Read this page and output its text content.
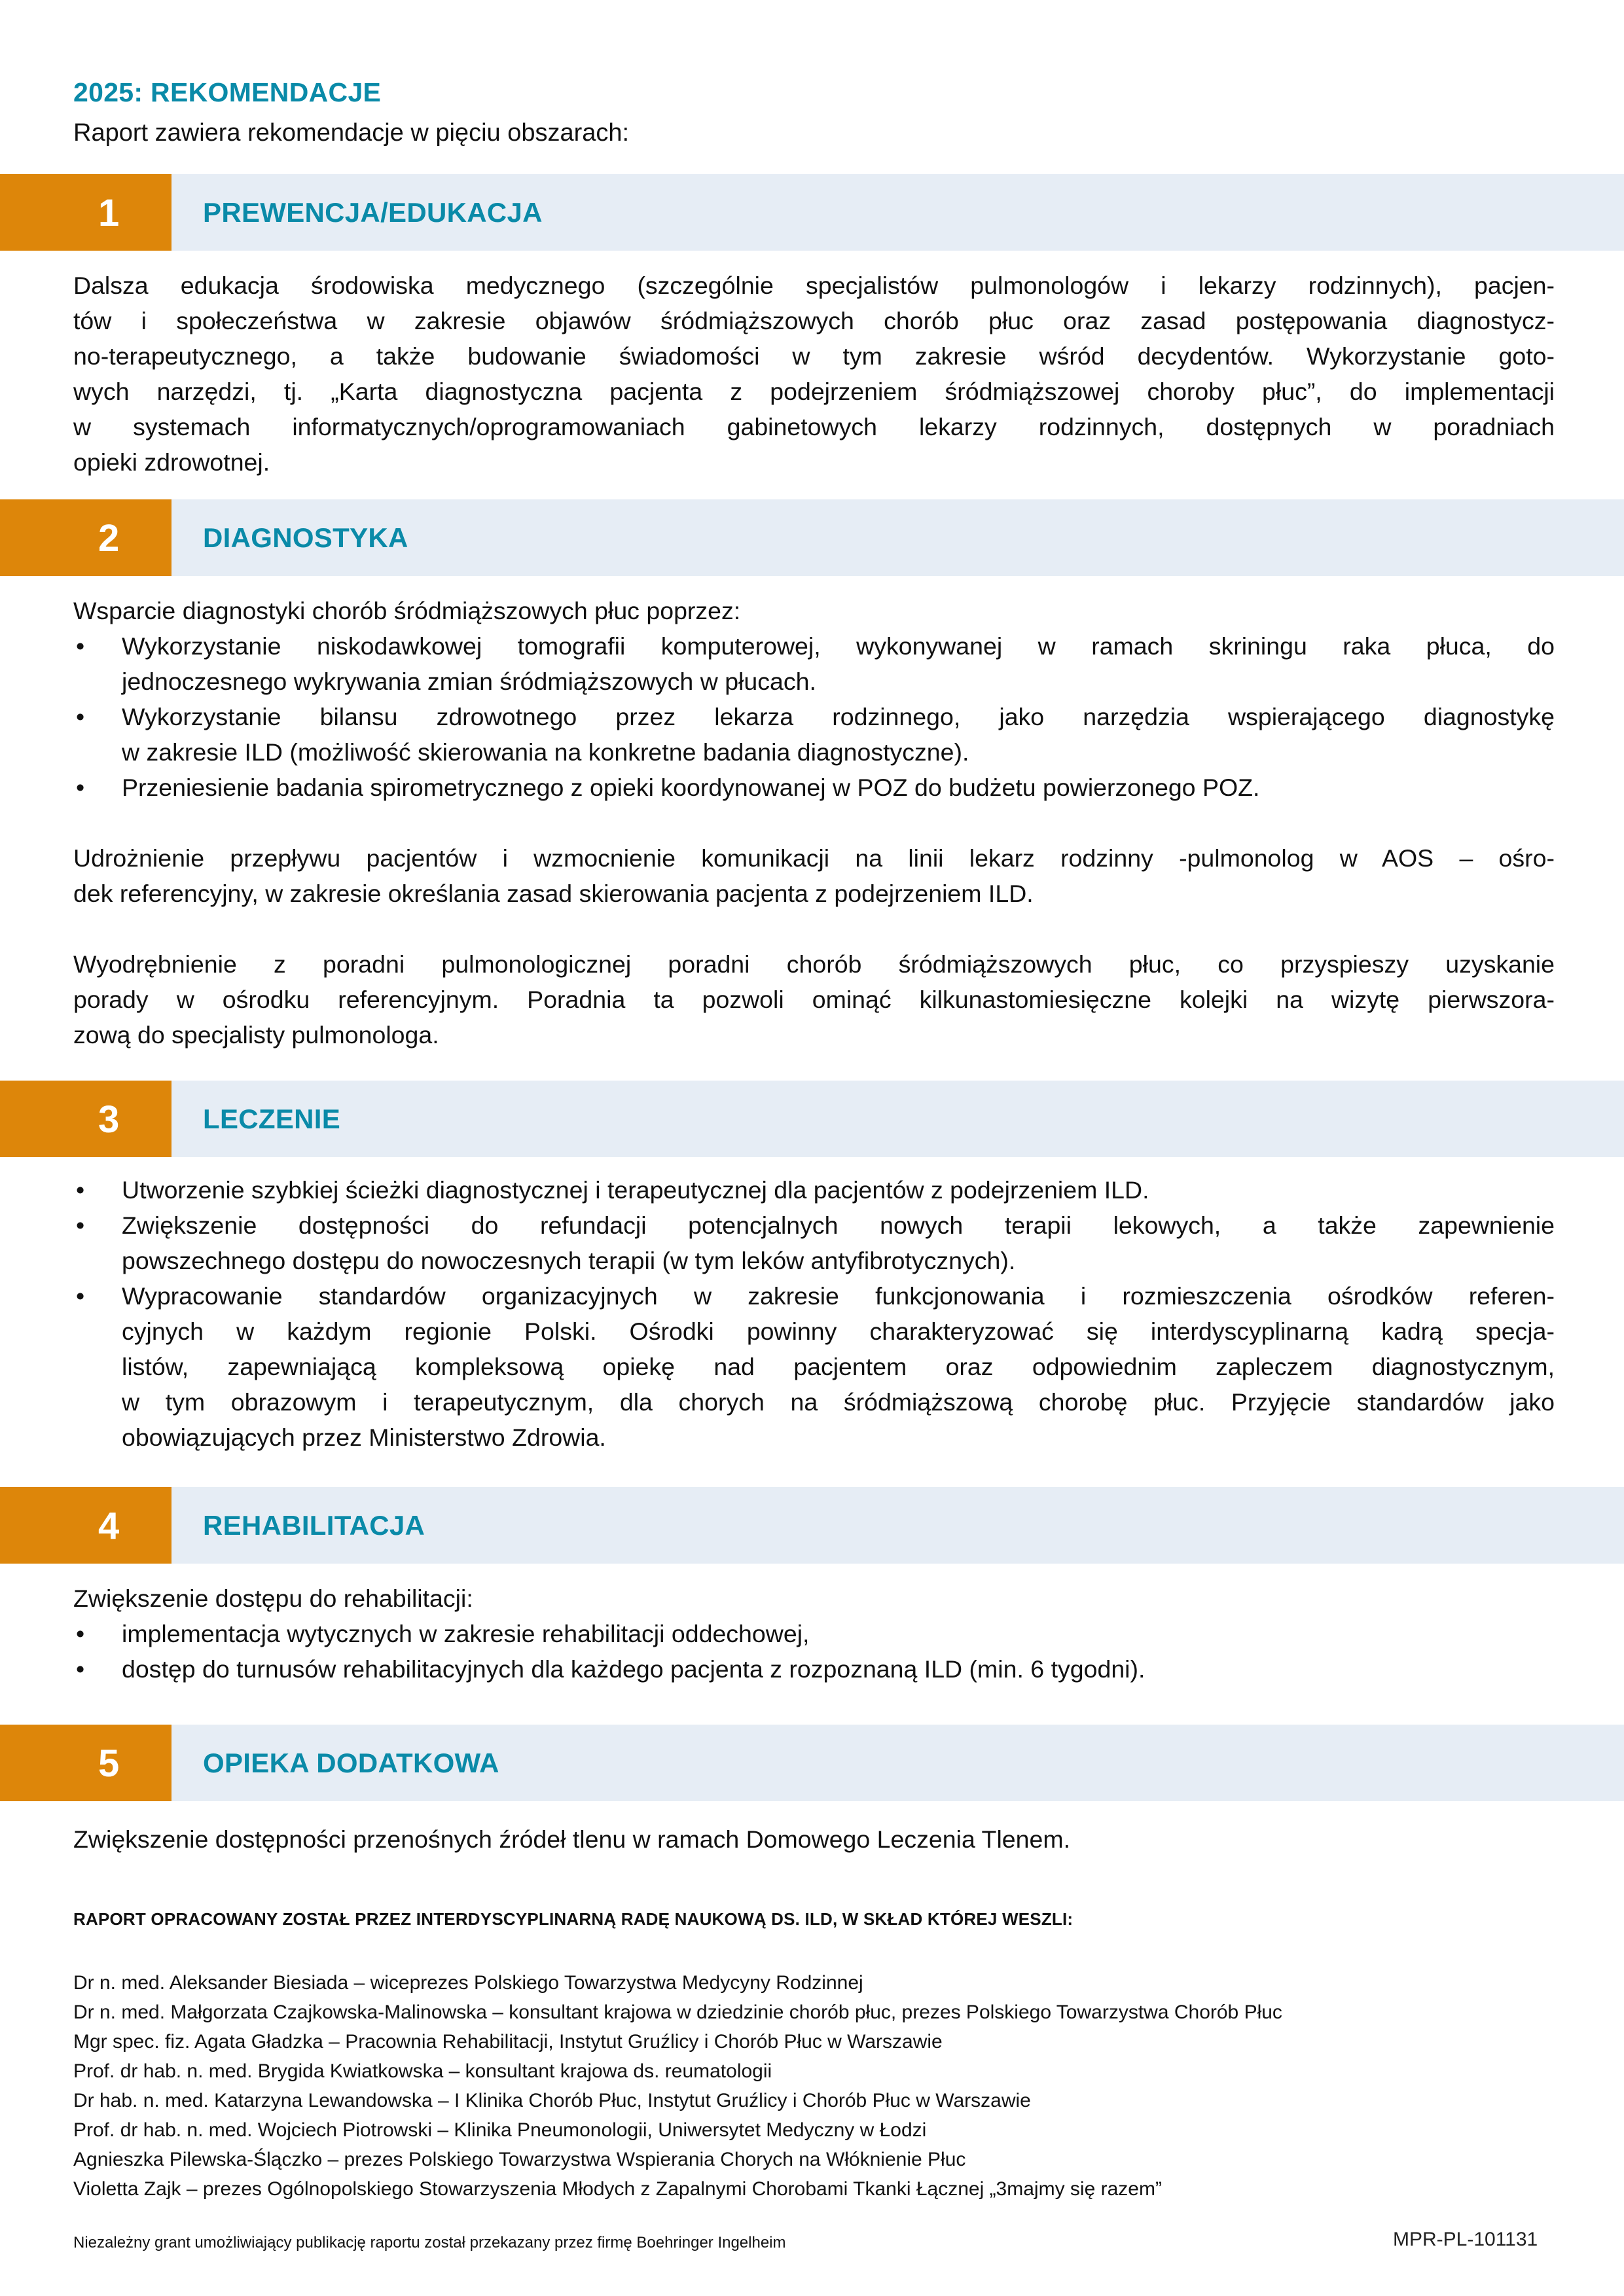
2025: REKOMENDACJE
Raport zawiera rekomendacje w pięciu obszarach:
1	PREWENCJA/EDUKACJA
Dalsza edukacja środowiska medycznego (szczególnie specjalistów pulmonologów i lekarzy rodzinnych), pacjen-
tów i społeczeństwa w zakresie objawów śródmiąższowych chorób płuc oraz zasad postępowania diagnostycz-
no-terapeutycznego, a także budowanie świadomości w tym zakresie wśród decydentów. Wykorzystanie goto-
wych narzędzi, tj. „Karta diagnostyczna pacjenta z podejrzeniem śródmiąższowej choroby płuc”, do implementacji
w systemach informatycznych/oprogramowaniach gabinetowych lekarzy rodzinnych, dostępnych w poradniach
opieki zdrowotnej.
2	DIAGNOSTYKA
Wsparcie diagnostyki chorób śródmiąższowych płuc poprzez:
• Wykorzystanie niskodawkowej tomografii komputerowej, wykonywanej w ramach skriningu raka płuca, do
jednoczesnego wykrywania zmian śródmiąższowych w płucach.
• Wykorzystanie bilansu zdrowotnego przez lekarza rodzinnego, jako narzędzia wspierającego diagnostykę
w zakresie ILD (możliwość skierowania na konkretne badania diagnostyczne).
• Przeniesienie badania spirometrycznego z opieki koordynowanej w POZ do budżetu powierzonego POZ.
Udrożnienie przepływu pacjentów i wzmocnienie komunikacji na linii lekarz rodzinny -pulmonolog w AOS – ośro-
dek referencyjny, w zakresie określania zasad skierowania pacjenta z podejrzeniem ILD.
Wyodrębnienie z poradni pulmonologicznej poradni chorób śródmiąższowych płuc, co przyspieszy uzyskanie
porady w ośrodku referencyjnym. Poradnia ta pozwoli ominąć kilkunastomiesięczne kolejki na wizytę pierwszora-
zową do specjalisty pulmonologa.
3	LECZENIE
• Utworzenie szybkiej ścieżki diagnostycznej i terapeutycznej dla pacjentów z podejrzeniem ILD.
• Zwiększenie dostępności do refundacji potencjalnych nowych terapii lekowych, a także zapewnienie
powszechnego dostępu do nowoczesnych terapii (w tym leków antyfibrotycznych).
• Wypracowanie standardów organizacyjnych w zakresie funkcjonowania i rozmieszczenia ośrodków referen-
cyjnych w każdym regionie Polski. Ośrodki powinny charakteryzować się interdyscyplinarną kadrą specja-
listów, zapewniającą kompleksową opiekę nad pacjentem oraz odpowiednim zapleczem diagnostycznym,
w tym obrazowym i terapeutycznym, dla chorych na śródmiąższową chorobę płuc. Przyjęcie standardów jako
obowiązujących przez Ministerstwo Zdrowia.
4	REHABILITACJA
Zwiększenie dostępu do rehabilitacji:
• implementacja wytycznych w zakresie rehabilitacji oddechowej,
• dostęp do turnusów rehabilitacyjnych dla każdego pacjenta z rozpoznaną ILD (min. 6 tygodni).
5	OPIEKA DODATKOWA
Zwiększenie dostępności przenośnych źródeł tlenu w ramach Domowego Leczenia Tlenem.
RAPORT OPRACOWANY ZOSTAŁ PRZEZ INTERDYSCYPLINARNĄ RADĘ NAUKOWĄ DS. ILD, W SKŁAD KTÓREJ WESZLI:
Dr n. med. Aleksander Biesiada – wiceprezes Polskiego Towarzystwa Medycyny Rodzinnej
Dr n. med. Małgorzata Czajkowska-Malinowska – konsultant krajowa w dziedzinie chorób płuc, prezes Polskiego Towarzystwa Chorób Płuc
Mgr spec. fiz. Agata Gładzka – Pracownia Rehabilitacji, Instytut Gruźlicy i Chorób Płuc w Warszawie
Prof. dr hab. n. med. Brygida Kwiatkowska – konsultant krajowa ds. reumatologii
Dr hab. n. med. Katarzyna Lewandowska – I Klinika Chorób Płuc, Instytut Gruźlicy i Chorób Płuc w Warszawie
Prof. dr hab. n. med. Wojciech Piotrowski – Klinika Pneumonologii, Uniwersytet Medyczny w Łodzi
Agnieszka Pilewska-Ślączko – prezes Polskiego Towarzystwa Wspierania Chorych na Włóknienie Płuc
Violetta Zajk – prezes Ogólnopolskiego Stowarzyszenia Młodych z Zapalnymi Chorobami Tkanki Łącznej „3majmy się razem”
Niezależny grant umożliwiający publikację raportu został przekazany przez firmę Boehringer Ingelheim	MPR-PL-101131
